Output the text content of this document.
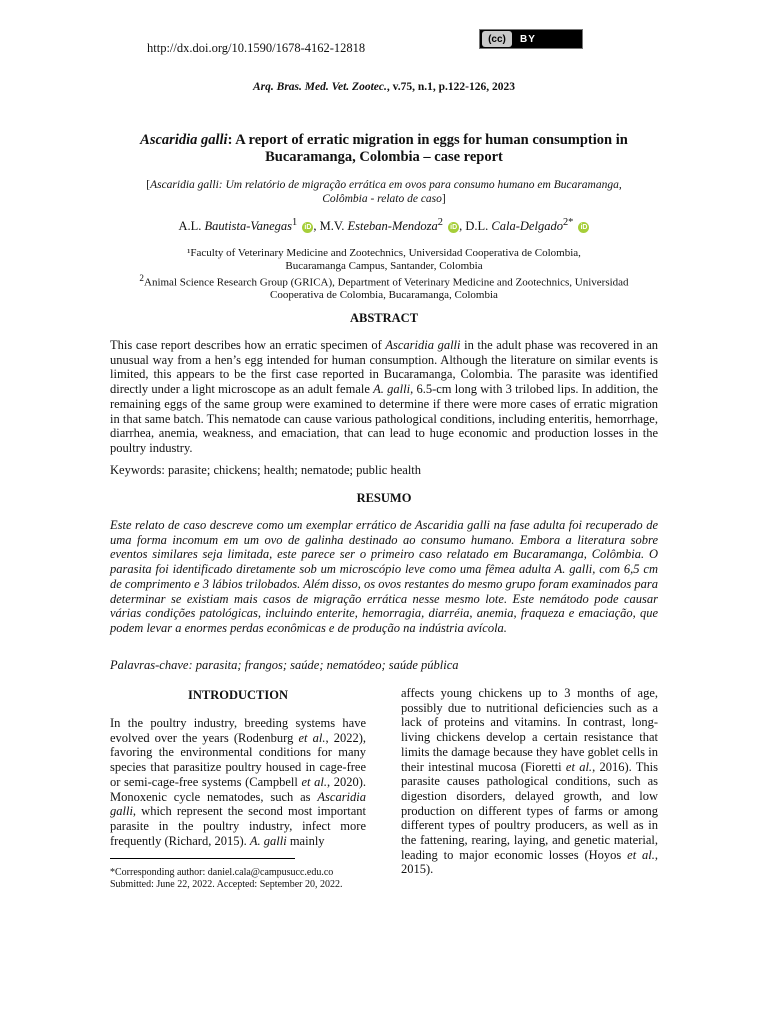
http://dx.doi.org/10.1590/1678-4162-12818
(cc)	BY
Arq. Bras. Med. Vet. Zootec., v.75, n.1, p.122-126, 2023
Ascaridia galli: A report of erratic migration in eggs for human consumption in Bucaramanga, Colombia – case report
[Ascaridia galli: Um relatório de migração errática em ovos para consumo humano em Bucaramanga, Colômbia - relato de caso]
A.L. Bautista-Vanegas$^1$ iD , M.V. Esteban-Mendoza$^2$ iD , D.L. Cala-Delgado$^{2*}$ iD
¹Faculty of Veterinary Medicine and Zootechnics, Universidad Cooperativa de Colombia,
Bucaramanga Campus, Santander, Colombia
$^2$Animal Science Research Group (GRICA), Department of Veterinary Medicine and Zootechnics, Universidad
Cooperativa de Colombia, Bucaramanga, Colombia
ABSTRACT
This case report describes how an erratic specimen of Ascaridia galli in the adult phase was recovered in an unusual way from a hen’s egg intended for human consumption. Although the literature on similar events is limited, this appears to be the first case reported in Bucaramanga, Colombia. The parasite was identified directly under a light microscope as an adult female A. galli, 6.5-cm long with 3 trilobed lips. In addition, the remaining eggs of the same group were examined to determine if there were more cases of erratic migration in that same batch. This nematode can cause various pathological conditions, including enteritis, hemorrhage, diarrhea, anemia, weakness, and emaciation, that can lead to huge economic and production losses in the poultry industry.
Keywords: parasite; chickens; health; nematode; public health
RESUMO
Este relato de caso descreve como um exemplar errático de Ascaridia galli na fase adulta foi recuperado de uma forma incomum em um ovo de galinha destinado ao consumo humano. Embora a literatura sobre eventos similares seja limitada, este parece ser o primeiro caso relatado em Bucaramanga, Colômbia. O parasita foi identificado diretamente sob um microscópio leve como uma fêmea adulta A. galli, com 6,5 cm de comprimento e 3 lábios trilobados. Além disso, os ovos restantes do mesmo grupo foram examinados para determinar se existiam mais casos de migração errática nesse mesmo lote. Este nemátodo pode causar várias condições patológicas, incluindo enterite, hemorragia, diarréia, anemia, fraqueza e emaciação, que podem levar a enormes perdas econômicas e de produção na indústria avícola.
Palavras-chave: parasita; frangos; saúde; nematódeo; saúde pública
INTRODUCTION
In the poultry industry, breeding systems have evolved over the years (Rodenburg et al., 2022), favoring the environmental conditions for many species that parasitize poultry housed in cage-free or semi-cage-free systems (Campbell et al., 2020). Monoxenic cycle nematodes, such as Ascaridia galli, which represent the second most important parasite in the poultry industry, infect more frequently (Richard, 2015). A. galli mainly
affects young chickens up to 3 months of age, possibly due to nutritional deficiencies such as a lack of proteins and vitamins. In contrast, long-living chickens develop a certain resistance that limits the damage because they have goblet cells in their intestinal mucosa (Fioretti et al., 2016). This parasite causes pathological conditions, such as digestion disorders, delayed growth, and low production on different types of farms or among different types of poultry producers, as well as in the fattening, rearing, laying, and genetic material, leading to major economic losses (Hoyos et al., 2015).
*Corresponding author: daniel.cala@campusucc.edu.co
Submitted: June 22, 2022. Accepted: September 20, 2022.
